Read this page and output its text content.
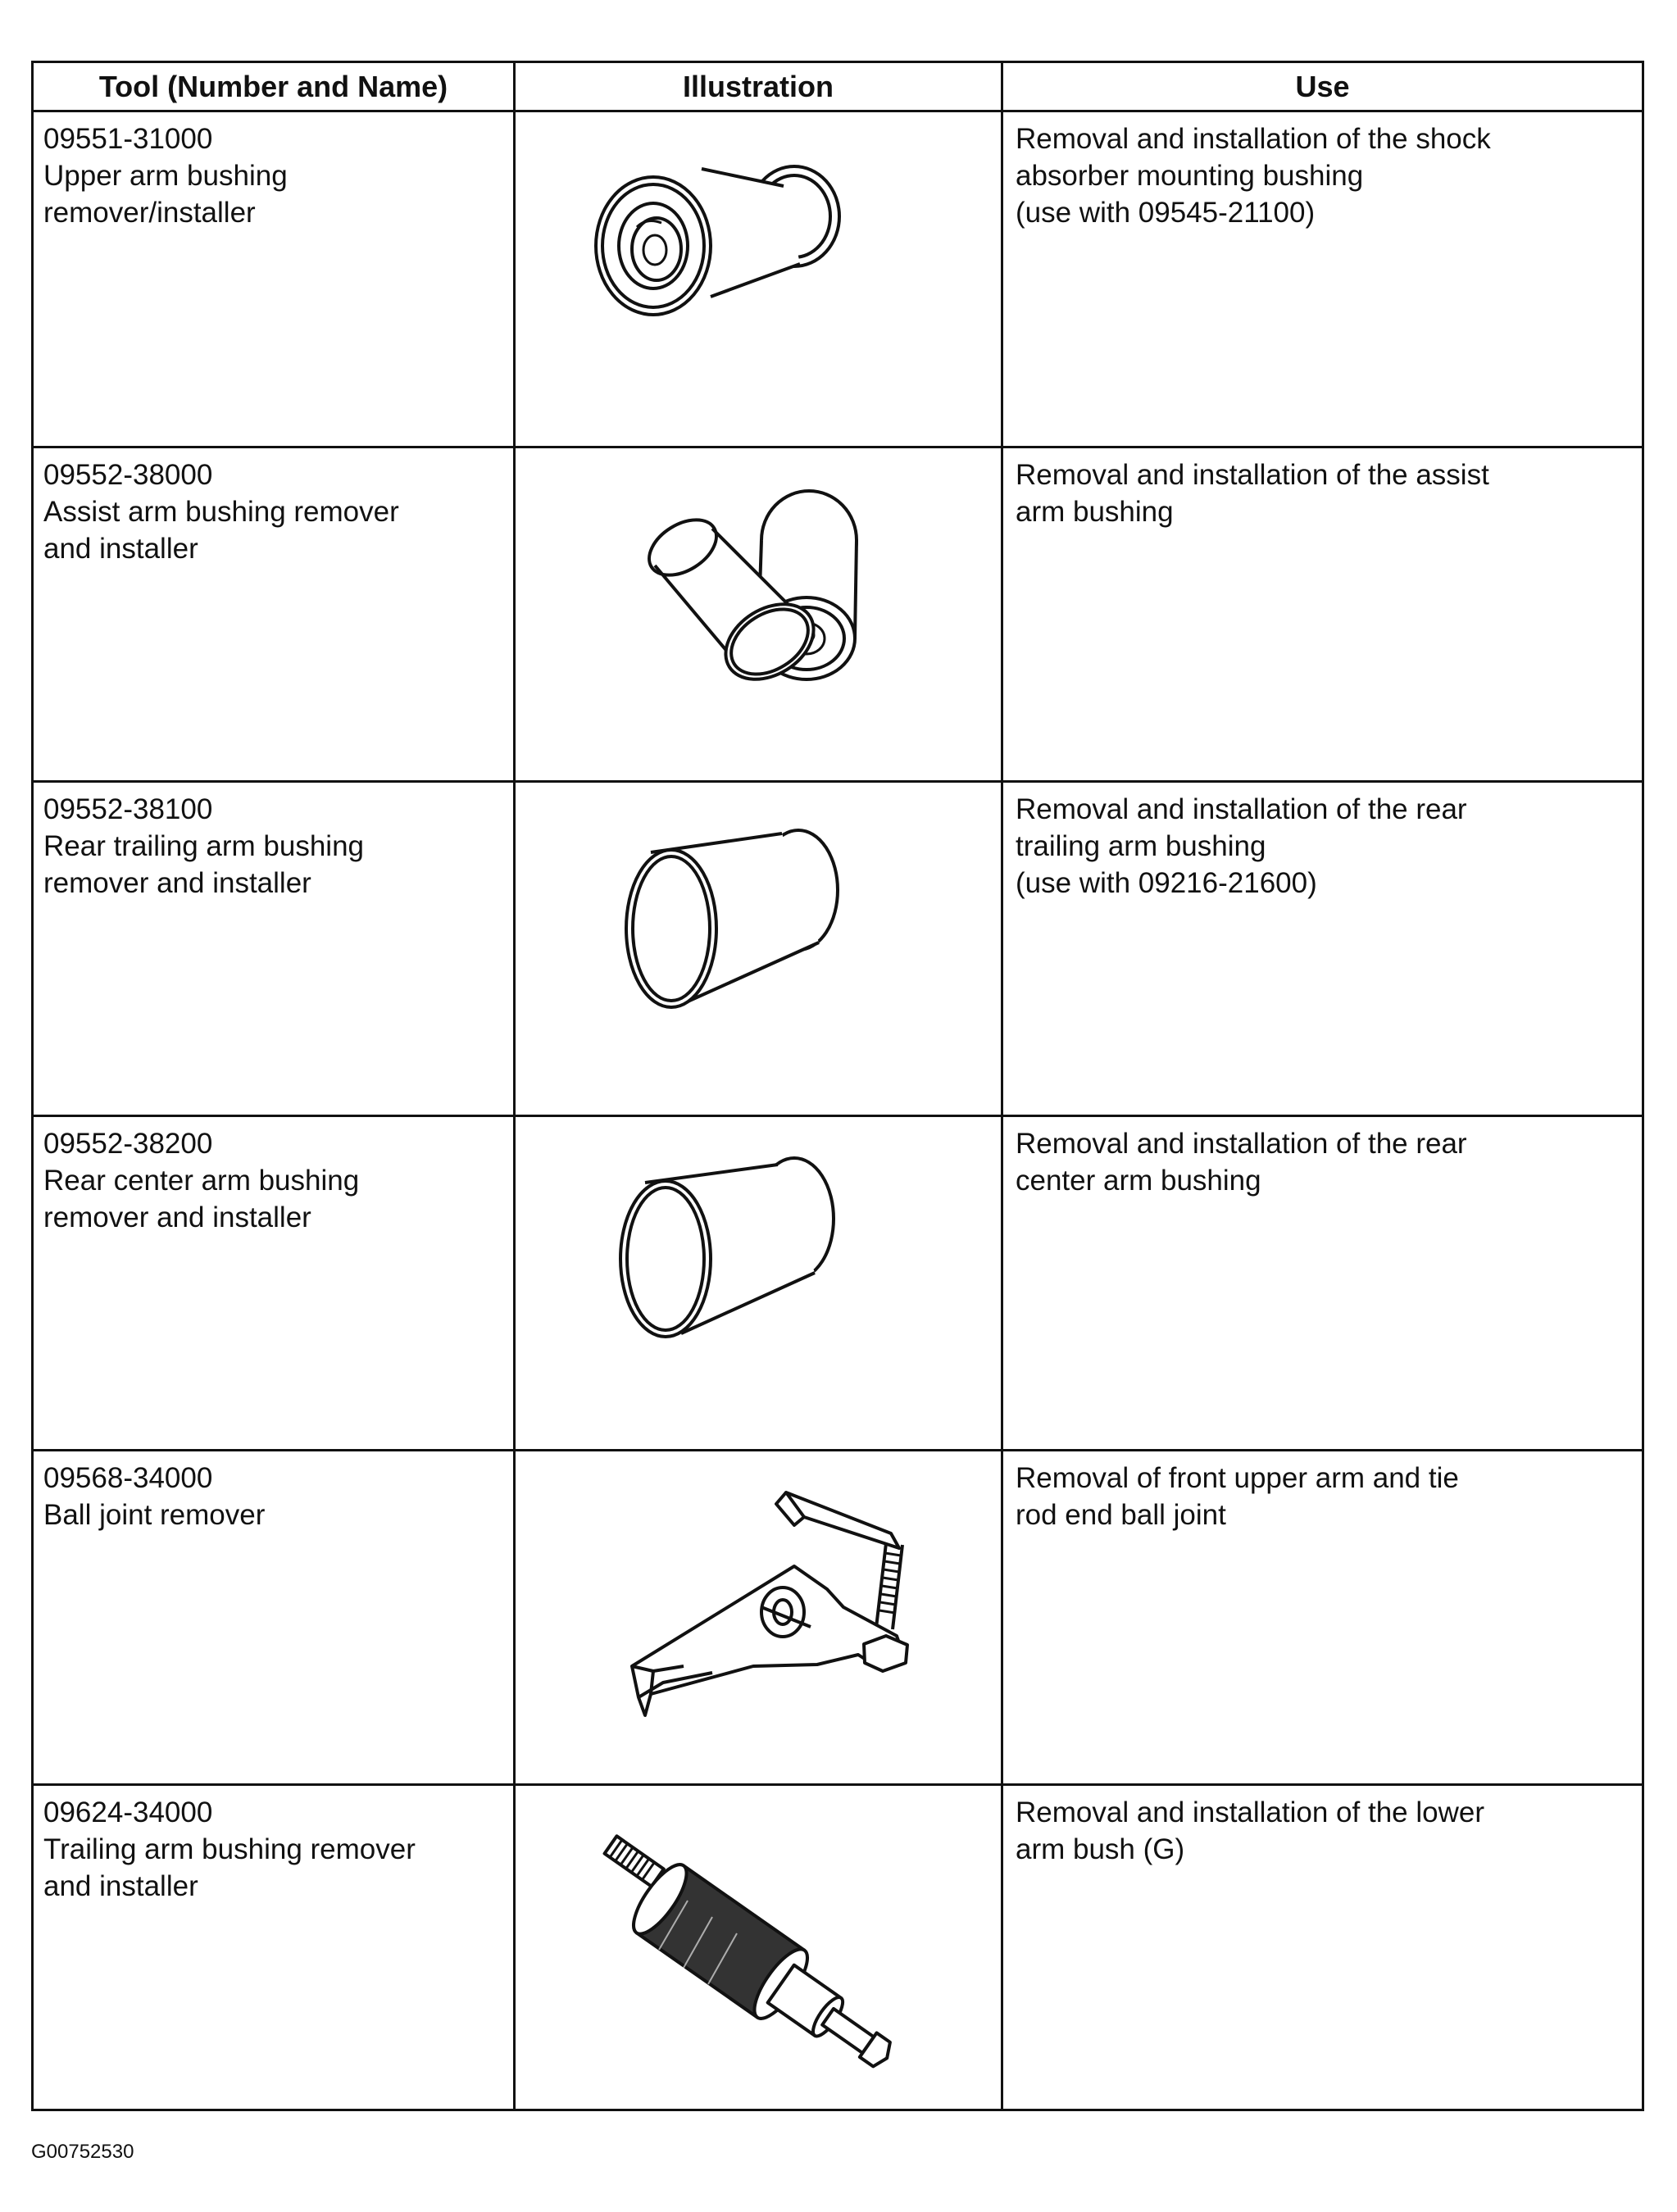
Tool (Number and Name)	Illustration	Use
09551-31000
Upper arm bushing
remover/installer
Removal and installation of the shock
absorber mounting bushing
(use with 09545-21100)
09552-38000
Assist arm bushing remover
and installer
Removal and installation of the assist
arm bushing
09552-38100
Rear trailing arm bushing
remover and installer
Removal and installation of the rear
trailing arm bushing
(use with 09216-21600)
09552-38200
Rear center arm bushing
remover and installer
Removal and installation of the rear
center arm bushing
09568-34000
Ball joint remover
Removal of front upper arm and tie
rod end ball joint
09624-34000
Trailing arm bushing remover
and installer
Removal and installation of the lower
arm bush (G)
G00752530
